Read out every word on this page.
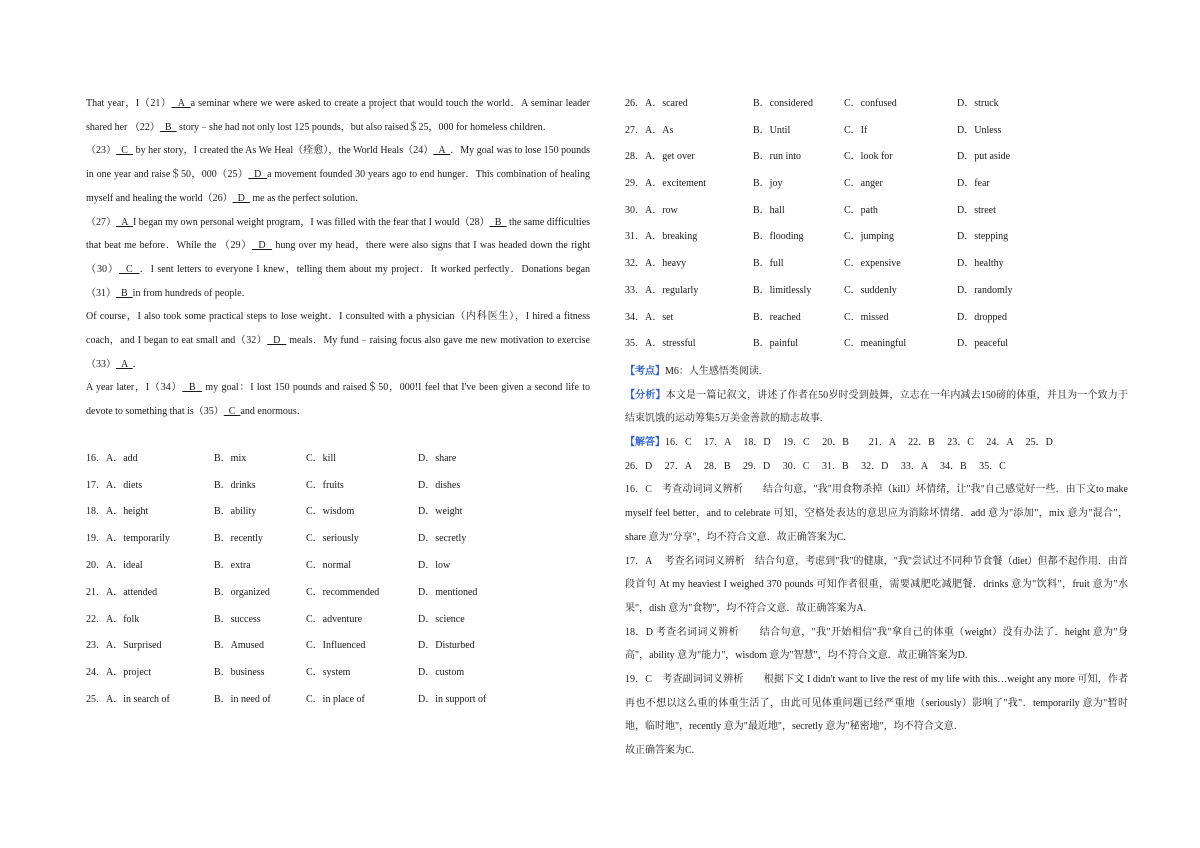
That year，I（21）  A  a seminar where we were asked to create a project that would touch the world．A seminar leader shared her （22）  B   story﹣she had not only lost 125 pounds，but also raised＄25，000 for homeless children．

（23）  C   by her story，I created the As We Heal（痊愈），the World Heals（24）  A  ．My goal was to lose 150 pounds in one year and raise＄50，000（25）  D  a movement founded 30 years ago to end hunger．This combination of healing myself and healing the world（26）  D   me as the perfect solution．

（27）  A  I began my own personal weight program，I was filled with the fear that I would（28）  B   the same difficulties that beat me before．While the （29）  D   hung over my head，there were also signs that I was headed down the right（30）  C  ．I sent letters to everyone I knew，telling them about my project．It worked perfectly．Donations began （31）  B  in from hundreds of people．

Of course，I also took some practical steps to lose weight．I consulted with a physician（内科医生），I hired a fitness coach，and I began to eat small and（32）  D   meals．My fund﹣raising focus also gave me new motivation to exercise（33）  A  ．

A year later，I（34）  B   my goal：I lost 150 pounds and raised＄50，000!I feel that I've been given a second life to devote to something that is（35）  C  and enormous．

16．A．add	B．mix	C．kill	D．share
17．A．diets	B．drinks	C．fruits	D．dishes
18．A．height	B．ability	C．wisdom	D．weight
19．A．temporarily	B．recently	C．seriously	D．secretly
20．A．ideal	B．extra	C．normal	D．low
21．A．attended	B．organized	C．recommended	D．mentioned
22．A．folk	B．success	C．adventure	D．science
23．A．Surprised	B．Amused	C．Influenced	D．Disturbed
24．A．project	B．business	C．system	D．custom
25．A．in search of	B．in need of	C．in place of	D．in support of
26．A．scared	B．considered	C．confused	D．struck
27．A．As	B．Until	C．If	D．Unless
28．A．get over	B．run into	C．look for	D．put aside
29．A．excitement	B．joy	C．anger	D．fear
30．A．row	B．hall	C．path	D．street
31．A．breaking	B．flooding	C．jumping	D．stepping
32．A．heavy	B．full	C．expensive	D．healthy
33．A．regularly	B．limitlessly	C．suddenly	D．randomly
34．A．set	B．reached	C．missed	D．dropped
35．A．stressful	B．painful	C．meaningful	D．peaceful

【考点】M6：人生感悟类阅读.

【分析】本文是一篇记叙文，讲述了作者在50岁时受到鼓舞，立志在一年内减去150磅的体重，并且为一个致力于结束饥饿的运动筹集5万美金善款的励志故事.

【解答】16．C　 17．A　 18．D　 19．C　 20．B　　21．A　 22．B　 23．C　 24．A　 25．D

26．D　 27．A　 28．B　 29．D　 30．C　 31．B　 32．D　 33．A　 34．B　 35．C

16．C　考查动词词义辨析　　结合句意，"我"用食物杀掉（kill）坏情绪，让"我"自己感觉好一些．由下文to make myself feel better，and to celebrate 可知，空格处表达的意思应为消除坏情绪．add 意为"添加"，mix 意为"混合"，share 意为"分享"，均不符合文意．故正确答案为C.

17．A　 考查名词词义辨析　结合句意，考虑到"我"的健康，"我"尝试过不同种节食餐（diet）但都不起作用．由首段首句 At my heaviest I weighed 370 pounds 可知作者很重，需要减肥吃减肥餐．drinks 意为"饮料"，fruit 意为"水果"，dish 意为"食物"，均不符合文意．故正确答案为A.

18．D 考查名词词义辨析　　结合句意，"我"开始相信"我"拿自己的体重（weight）没有办法了．height 意为"身高"，ability 意为"能力"，wisdom 意为"智慧"，均不符合文意．故正确答案为D.

19．C　考查副词词义辨析　　根据下文 I didn't want to live the rest of my life with this…weight any more 可知，作者再也不想以这么重的体重生活了，由此可见体重问题已经严重地（seriously）影响了"我"．temporarily 意为"暂时地，临时地"，recently 意为"最近地"，secretly 意为"秘密地"，均不符合文意．

故正确答案为C.
